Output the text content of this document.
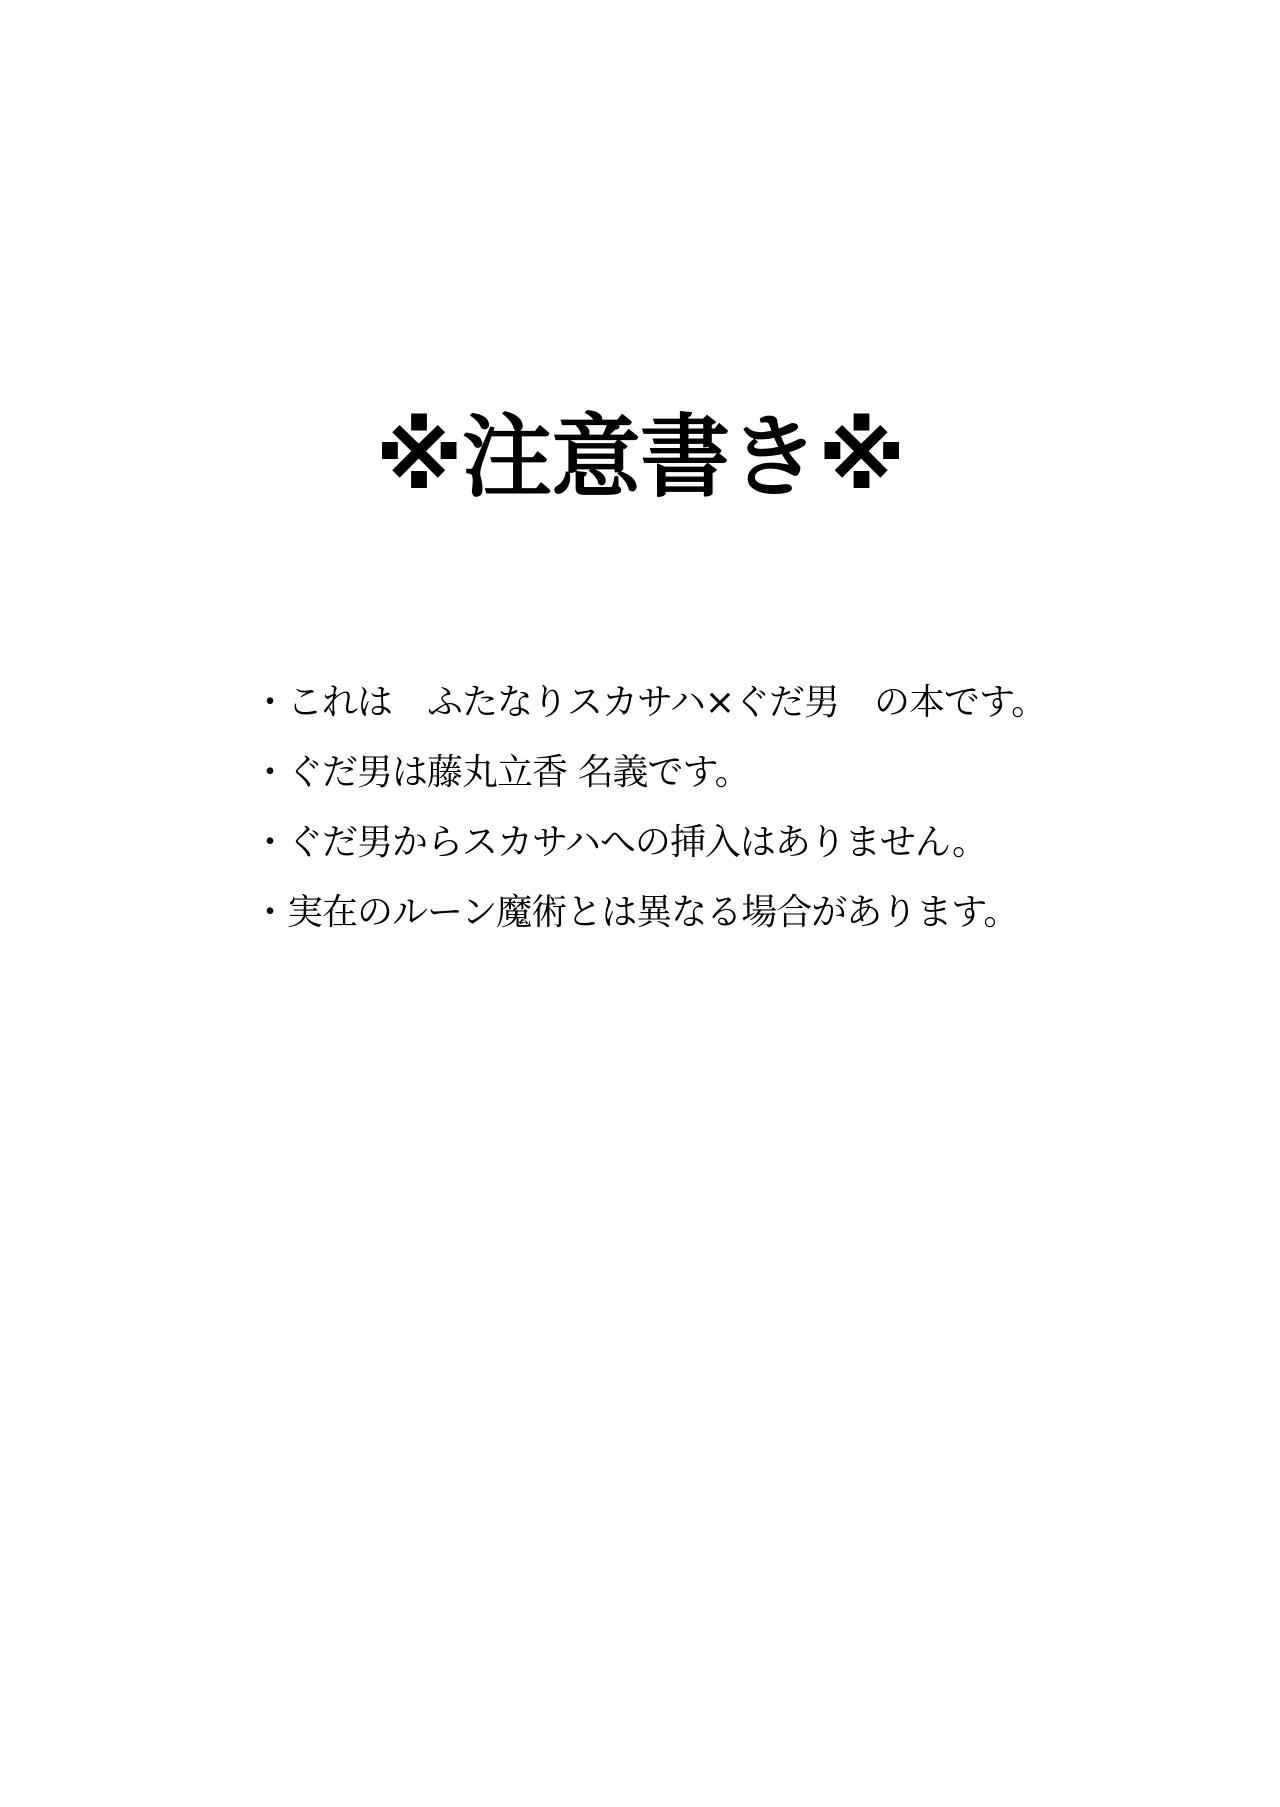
※注意書き※
・これは　ふたなりスカサハ×ぐだ男　の本です。
・ぐだ男は藤丸立香 名義です。
・ぐだ男からスカサハへの挿入はありません。
・実在のルーン魔術とは異なる場合があります。
